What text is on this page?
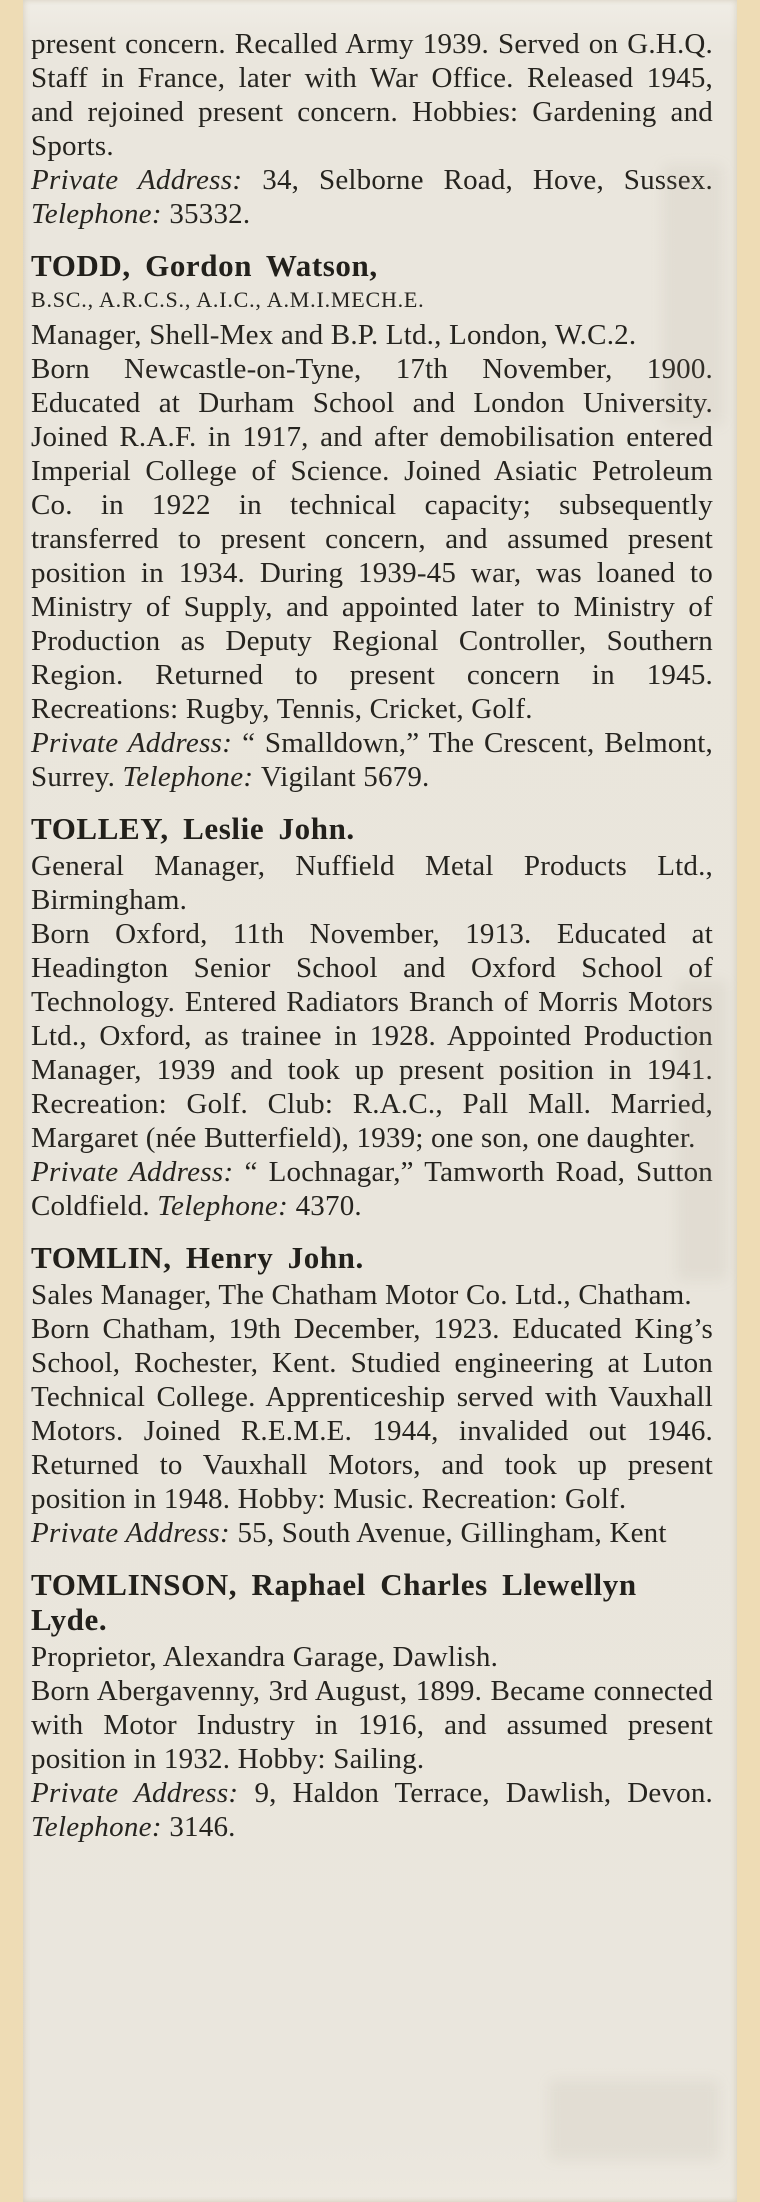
present concern. Recalled Army 1939. Served on G.H.Q. Staff in France, later with War Office. Released 1945, and rejoined present concern. Hobbies: Gardening and Sports.

Private Address: 34, Selborne Road, Hove, Sussex. Telephone: 35332.

TODD, Gordon Watson,
B.SC., A.R.C.S., A.I.C., A.M.I.MECH.E.

Manager, Shell-Mex and B.P. Ltd., London, W.C.2.

Born Newcastle-on-Tyne, 17th November, 1900. Educated at Durham School and London University. Joined R.A.F. in 1917, and after demobilisation entered Imperial College of Science. Joined Asiatic Petroleum Co. in 1922 in technical capacity; subsequently transferred to present concern, and assumed present position in 1934. During 1939-45 war, was loaned to Ministry of Supply, and appointed later to Ministry of Production as Deputy Regional Controller, Southern Region. Returned to present concern in 1945. Recreations: Rugby, Tennis, Cricket, Golf.

Private Address: “ Smalldown,” The Crescent, Belmont, Surrey. Telephone: Vigilant 5679.

TOLLEY, Leslie John.

General Manager, Nuffield Metal Products Ltd., Birmingham.

Born Oxford, 11th November, 1913. Educated at Headington Senior School and Oxford School of Technology. Entered Radiators Branch of Morris Motors Ltd., Oxford, as trainee in 1928. Appointed Production Manager, 1939 and took up present position in 1941. Recreation: Golf. Club: R.A.C., Pall Mall. Married, Margaret (née Butterfield), 1939; one son, one daughter.

Private Address: “ Lochnagar,” Tamworth Road, Sutton Coldfield. Telephone: 4370.

TOMLIN, Henry John.

Sales Manager, The Chatham Motor Co. Ltd., Chatham.

Born Chatham, 19th December, 1923. Educated King’s School, Rochester, Kent. Studied engineering at Luton Technical College. Apprenticeship served with Vauxhall Motors. Joined R.E.M.E. 1944, invalided out 1946. Returned to Vauxhall Motors, and took up present position in 1948. Hobby: Music. Recreation: Golf.

Private Address: 55, South Avenue, Gillingham, Kent

TOMLINSON, Raphael Charles Llewellyn Lyde.

Proprietor, Alexandra Garage, Dawlish.

Born Abergavenny, 3rd August, 1899. Became connected with Motor Industry in 1916, and assumed present position in 1932. Hobby: Sailing.

Private Address: 9, Haldon Terrace, Dawlish, Devon. Telephone: 3146.
